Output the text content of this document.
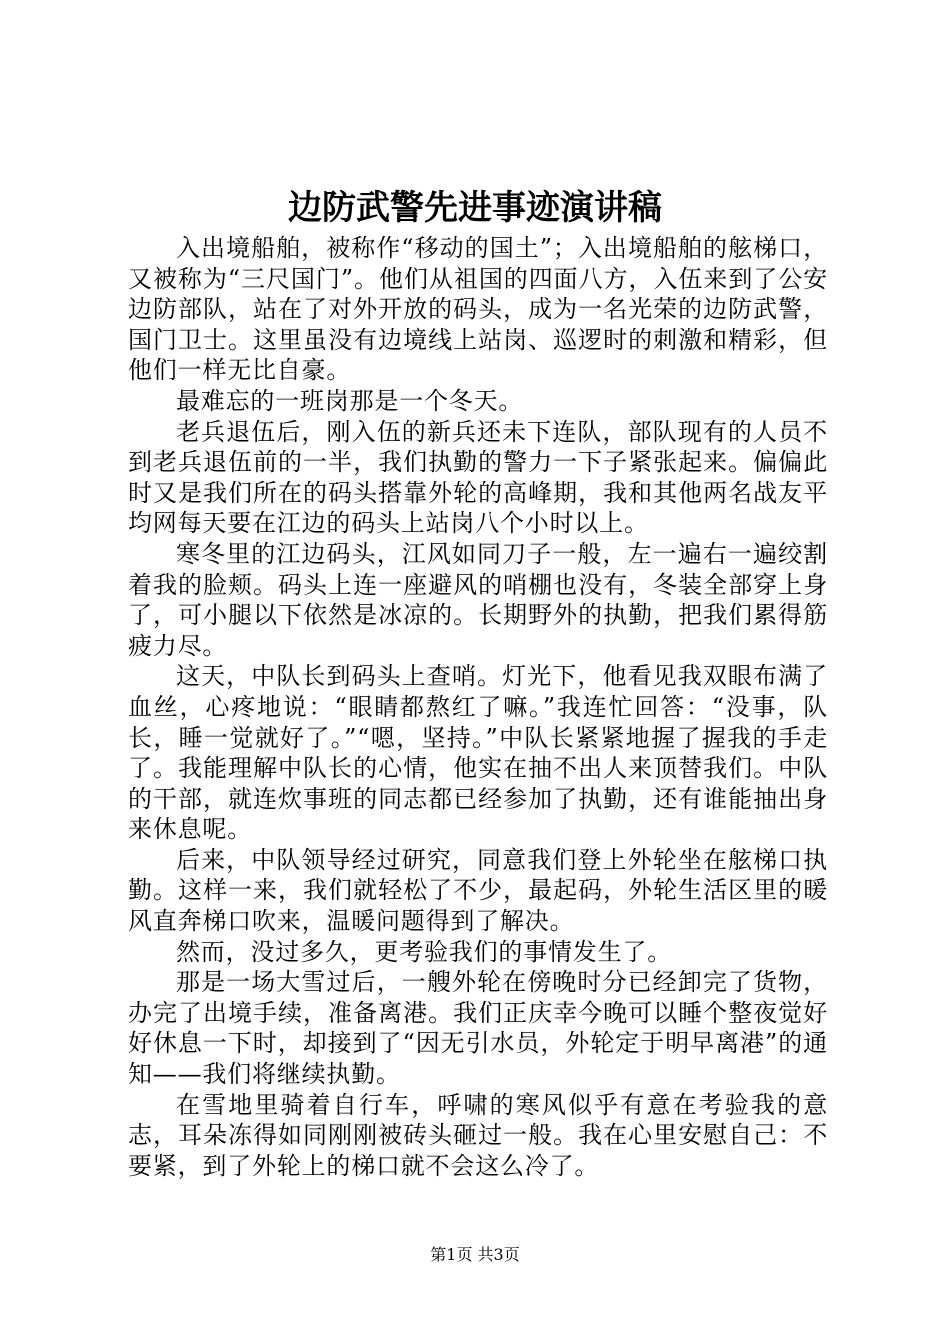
边防武警先进事迹演讲稿

入出境船舶，被称作“移动的国土”；入出境船舶的舷梯口，又被称为“三尺国门”。他们从祖国的四面八方，入伍来到了公安边防部队，站在了对外开放的码头，成为一名光荣的边防武警，国门卫士。这里虽没有边境线上站岗、巡逻时的刺激和精彩，但他们一样无比自豪。

最难忘的一班岗那是一个冬天。

老兵退伍后，刚入伍的新兵还未下连队，部队现有的人员不到老兵退伍前的一半，我们执勤的警力一下子紧张起来。偏偏此时又是我们所在的码头搭靠外轮的高峰期，我和其他两名战友平均网每天要在江边的码头上站岗八个小时以上。

寒冬里的江边码头，江风如同刀子一般，左一遍右一遍绞割着我的脸颊。码头上连一座避风的哨棚也没有，冬装全部穿上身了，可小腿以下依然是冰凉的。长期野外的执勤，把我们累得筋疲力尽。

这天，中队长到码头上查哨。灯光下，他看见我双眼布满了血丝，心疼地说：“眼睛都熬红了嘛。”我连忙回答：“没事，队长，睡一觉就好了。”“嗯，坚持。”中队长紧紧地握了握我的手走了。我能理解中队长的心情，他实在抽不出人来顶替我们。中队的干部，就连炊事班的同志都已经参加了执勤，还有谁能抽出身来休息呢。

后来，中队领导经过研究，同意我们登上外轮坐在舷梯口执勤。这样一来，我们就轻松了不少，最起码，外轮生活区里的暖风直奔梯口吹来，温暖问题得到了解决。

然而，没过多久，更考验我们的事情发生了。

那是一场大雪过后，一艘外轮在傍晚时分已经卸完了货物，办完了出境手续，准备离港。我们正庆幸今晚可以睡个整夜觉好好休息一下时，却接到了“因无引水员，外轮定于明早离港”的通知——我们将继续执勤。

在雪地里骑着自行车，呼啸的寒风似乎有意在考验我的意志，耳朵冻得如同刚刚被砖头砸过一般。我在心里安慰自己：不要紧，到了外轮上的梯口就不会这么冷了。

第1页 共3页
